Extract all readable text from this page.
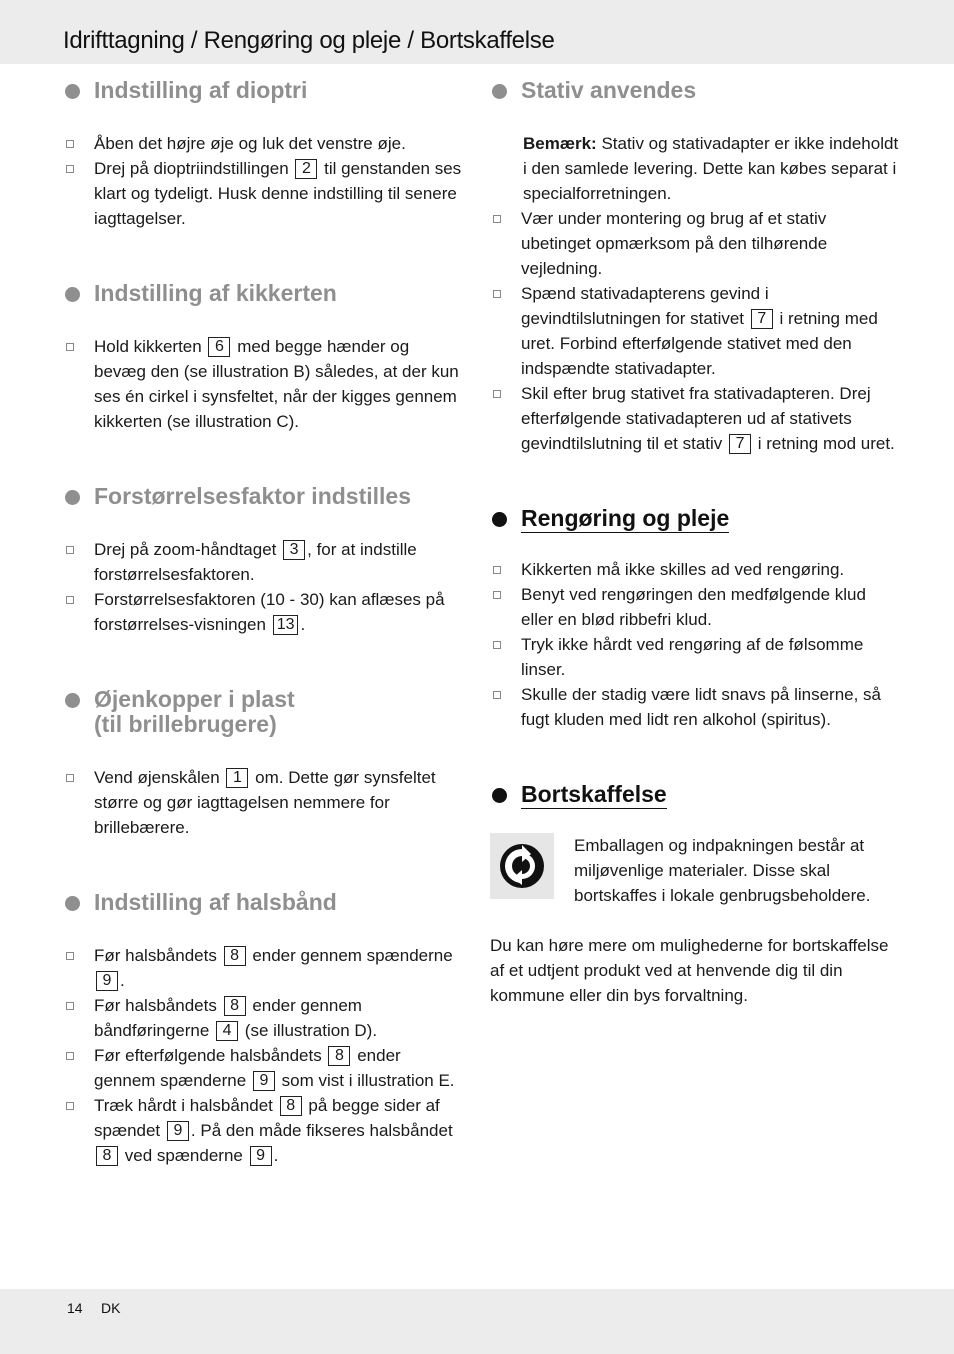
Idrifttagning / Rengøring og pleje / Bortskaffelse
Indstilling af dioptri
Åben det højre øje og luk det venstre øje.
Drej på dioptriindstillingen 2 til genstanden ses klart og tydeligt. Husk denne indstilling til senere iagttagelser.
Indstilling af kikkerten
Hold kikkerten 6 med begge hænder og bevæg den (se illustration B) således, at der kun ses én cirkel i synsfeltet, når der kigges gennem kikkerten (se illustration C).
Forstørrelsesfaktor indstilles
Drej på zoom-håndtaget 3 , for at indstille forstørrelsesfaktoren.
Forstørrelsesfaktoren (10 - 30) kan aflæses på forstørrelses-visningen 13 .
Øjenkopper i plast
(til brillebrugere)
Vend øjenskålen 1 om. Dette gør synsfeltet større og gør iagttagelsen nemmere for brillebærere.
Indstilling af halsbånd
Før halsbåndets 8 ender gennem spænderne 9 .
Før halsbåndets 8 ender gennem båndføringerne 4 (se illustration D).
Før efterfølgende halsbåndets 8 ender gennem spænderne 9 som vist i illustration E.
Træk hårdt i halsbåndet 8 på begge sider af spændet 9 . På den måde fikseres halsbåndet 8 ved spænderne 9 .
Stativ anvendes
Bemærk: Stativ og stativadapter er ikke indeholdt i den samlede levering. Dette kan købes separat i specialforretningen.
Vær under montering og brug af et stativ ubetinget opmærksom på den tilhørende vejledning.
Spænd stativadapterens gevind i gevindtilslutningen for stativet 7 i retning med uret. Forbind efterfølgende stativet med den indspændte stativadapter.
Skil efter brug stativet fra stativadapteren. Drej efterfølgende stativadapteren ud af stativets gevindtilslutning til et stativ 7 i retning mod uret.
Rengøring og pleje
Kikkerten må ikke skilles ad ved rengøring.
Benyt ved rengøringen den medfølgende klud eller en blød ribbefri klud.
Tryk ikke hårdt ved rengøring af de følsomme linser.
Skulle der stadig være lidt snavs på linserne, så fugt kluden med lidt ren alkohol (spiritus).
Bortskaffelse
Emballagen og indpakningen består at miljøvenlige materialer. Disse skal bortskaffes i lokale genbrugsbeholdere.
Du kan høre mere om mulighederne for bortskaffelse af et udtjent produkt ved at henvende dig til din kommune eller din bys forvaltning.
14 DK
